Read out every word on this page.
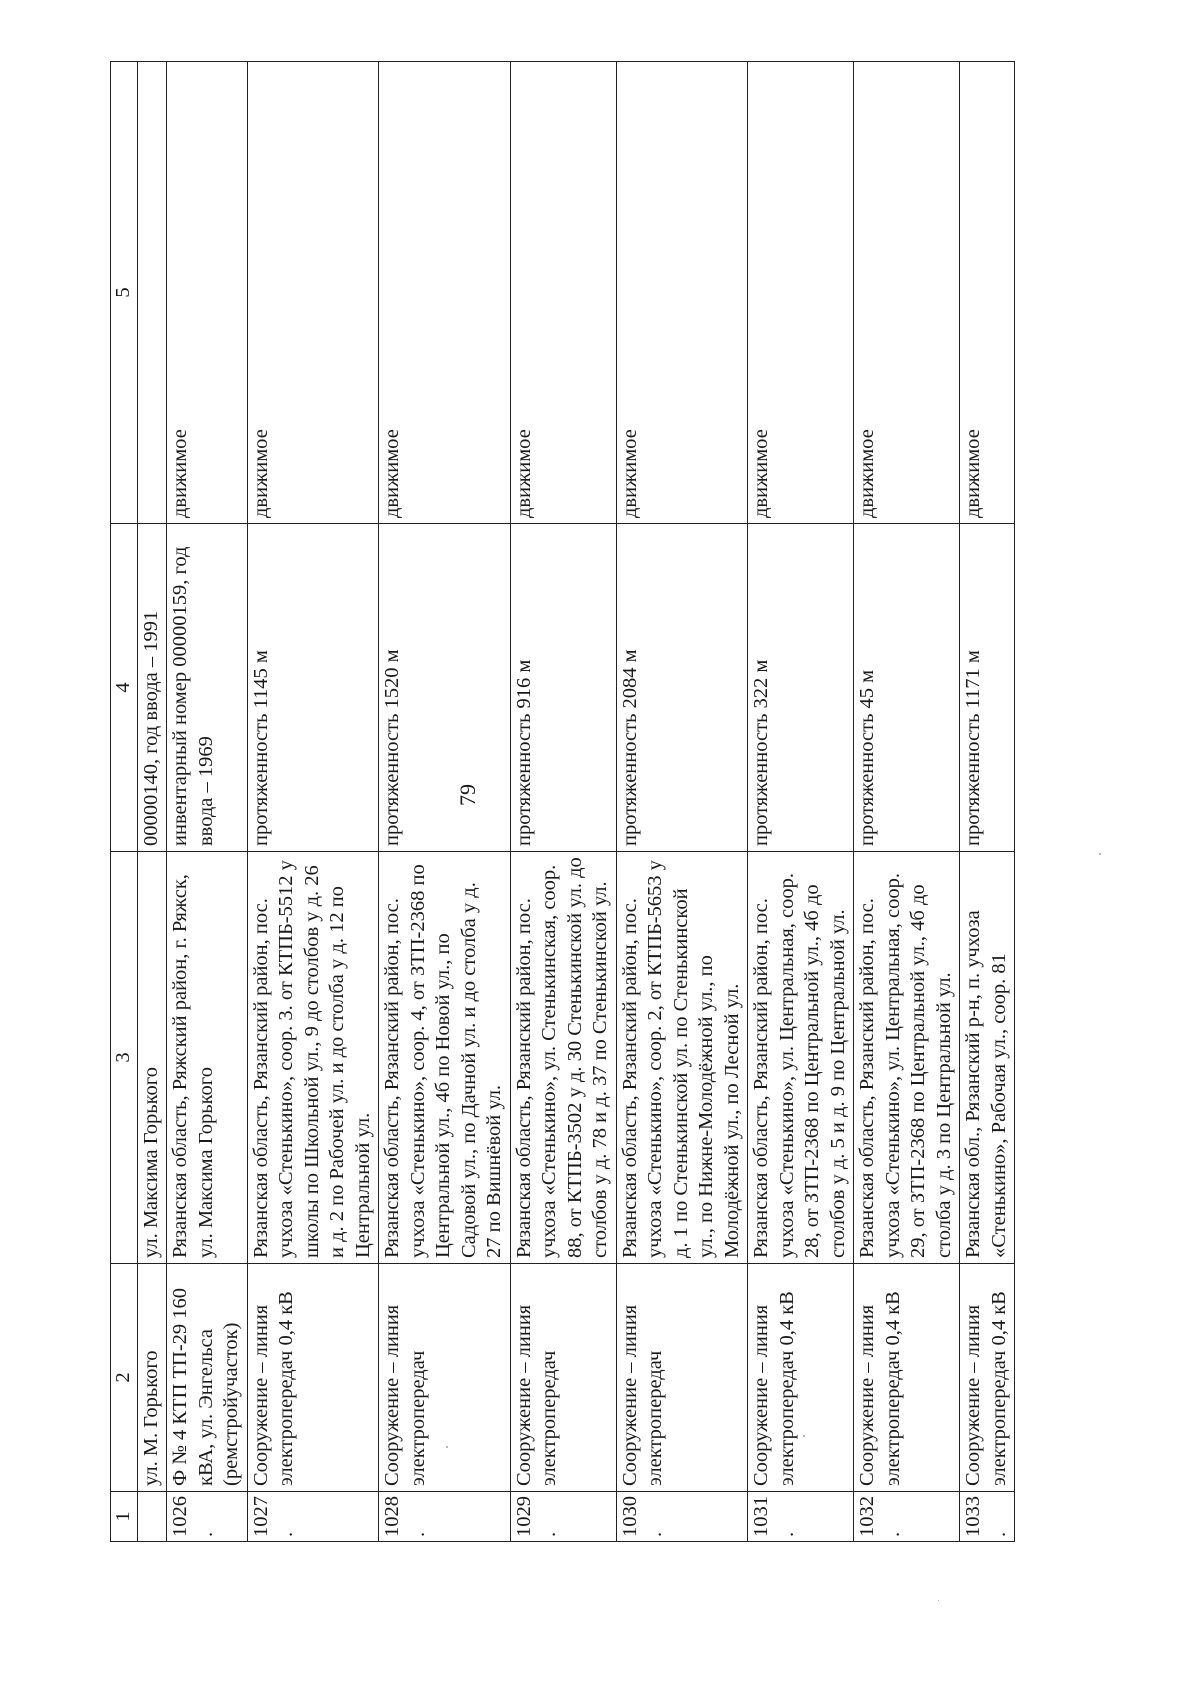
79
1	2	3	4	5
	ул. М. Горького	ул. Максима Горького	00000140, год ввода – 1991	
1026.	Ф № 4 КТП ТП-29 160 кВА, ул. Энгельса (ремстройучасток)	Рязанская область, Ряжский район, г. Ряжск, ул. Максима Горького	инвентарный номер 00000159, год ввода – 1969	движимое
1027.	Сооружение – линия электропередач 0,4 кВ	Рязанская область, Рязанский район, пос. учхоза «Стенькино», соор. 3. от КТПБ-5512 у школы по Школьной ул., 9 до столбов у д. 26 и д. 2 по Рабочей ул. и до столба у д. 12 по Центральной ул.	протяженность 1145 м	движимое
1028.	Сооружение – линия электропередач	Рязанская область, Рязанский район, пос. учхоза «Стенькино», соор. 4, от ЗТП-2368 по Центральной ул., 4б по Новой ул., по Садовой ул., по Дачной ул. и до столба у д. 27 по Вишнёвой ул.	протяженность 1520 м	движимое
1029.	Сооружение – линия электропередач	Рязанская область, Рязанский район, пос. учхоза «Стенькино», ул. Стенькинская, соор. 88, от КТПБ-3502 у д. 30 Стенькинской ул. до столбов у д. 78 и д. 37 по Стенькинской ул.	протяженность 916 м	движимое
1030.	Сооружение – линия электропередач	Рязанская область, Рязанский район, пос. учхоза «Стенькино», соор. 2, от КТПБ-5653 у д. 1 по Стенькинской ул. по Стенькинской ул., по Нижне-Молодёжной ул., по Молодёжной ул., по Лесной ул.	протяженность 2084 м	движимое
1031.	Сооружение – линия электропередач 0,4 кВ	Рязанская область, Рязанский район, пос. учхоза «Стенькино», ул. Центральная, соор. 28, от ЗТП-2368 по Центральной ул., 4б до столбов у д. 5 и д. 9 по Центральной ул.	протяженность 322 м	движимое
1032.	Сооружение – линия электропередач 0,4 кВ	Рязанская область, Рязанский район, пос. учхоза «Стенькино», ул. Центральная, соор. 29, от ЗТП-2368 по Центральной ул., 4б до столба у д. 3 по Центральной ул.	протяженность 45 м	движимое
1033.	Сооружение – линия электропередач 0,4 кВ	Рязанская обл., Рязанский р-н, п. учхоза «Стенькино», Рабочая ул., соор. 81	протяженность 1171 м	движимое
